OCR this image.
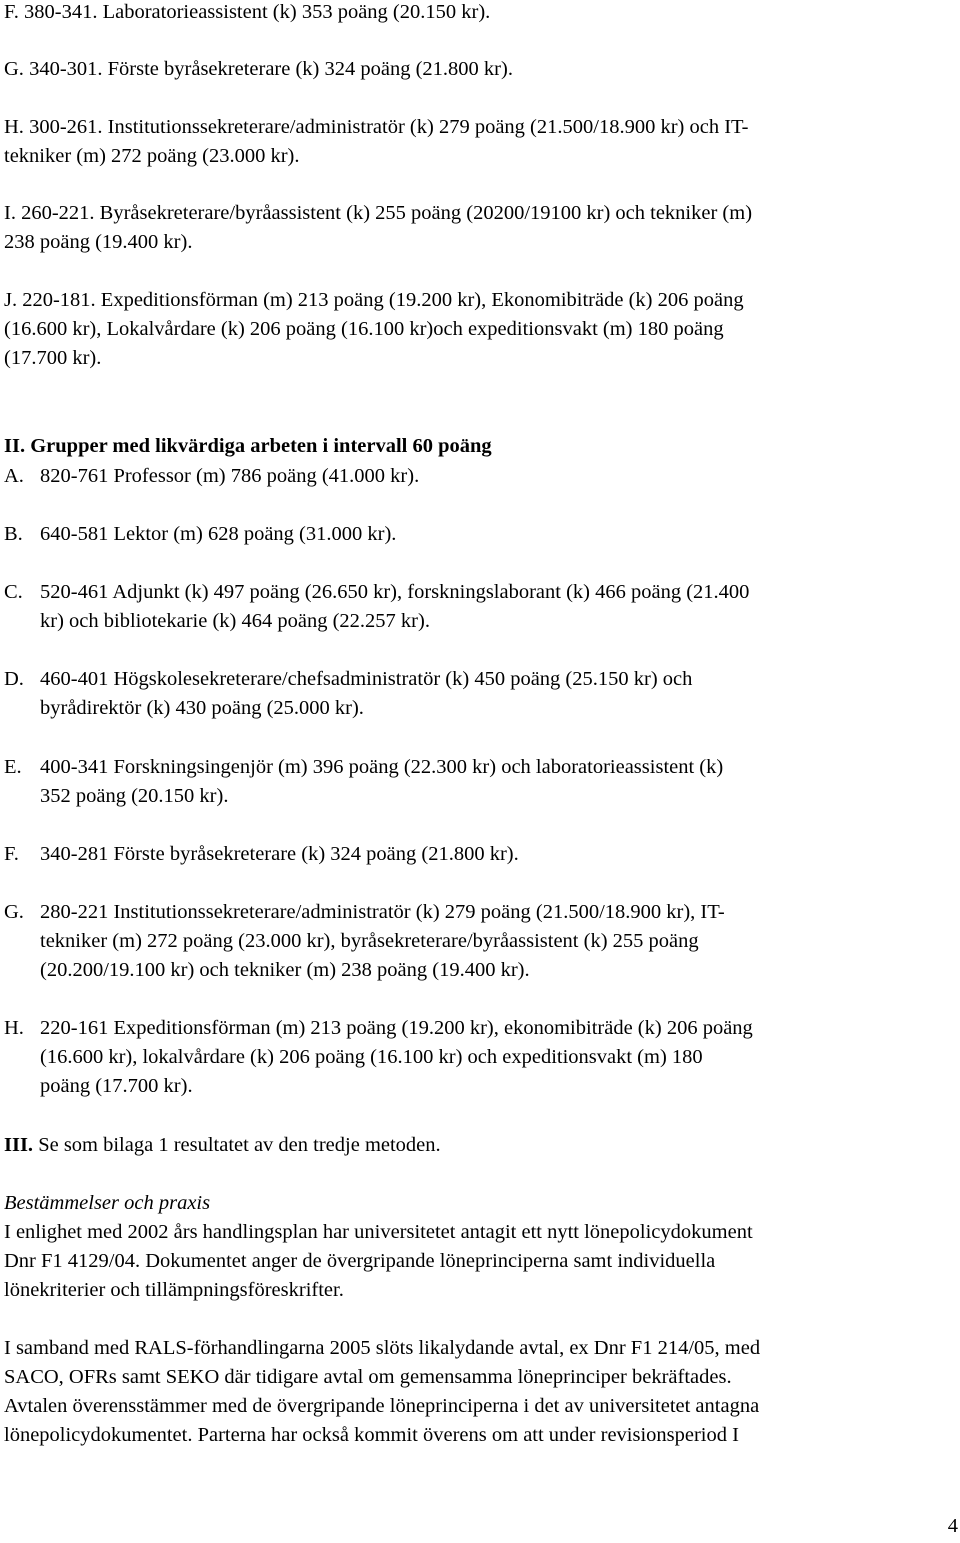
F. 380-341. Laboratorieassistent (k) 353 poäng (20.150 kr).

G. 340-301. Förste byråsekreterare (k) 324 poäng (21.800 kr).

H. 300-261. Institutionssekreterare/administratör (k) 279 poäng (21.500/18.900 kr) och IT-
tekniker (m) 272 poäng (23.000 kr).

I. 260-221. Byråsekreterare/byråassistent (k) 255 poäng (20200/19100 kr) och tekniker (m)
238 poäng (19.400 kr).

J. 220-181. Expeditionsförman (m) 213 poäng (19.200 kr), Ekonomibiträde (k) 206 poäng
(16.600 kr), Lokalvårdare (k) 206 poäng (16.100 kr)och expeditionsvakt (m) 180 poäng
(17.700 kr).

II. Grupper med likvärdiga arbeten i intervall 60 poäng

A. 820-761 Professor (m) 786 poäng (41.000 kr).
B. 640-581 Lektor (m) 628 poäng (31.000 kr).
C. 520-461 Adjunkt (k) 497 poäng (26.650 kr), forskningslaborant (k) 466 poäng (21.400
kr) och bibliotekarie (k) 464 poäng (22.257 kr).
D. 460-401 Högskolesekreterare/chefsadministratör (k) 450 poäng (25.150 kr) och
byrådirektör (k) 430 poäng (25.000 kr).
E. 400-341 Forskningsingenjör (m) 396 poäng (22.300 kr) och laboratorieassistent (k)
352 poäng (20.150 kr).
F. 340-281 Förste byråsekreterare (k) 324 poäng (21.800 kr).
G. 280-221 Institutionssekreterare/administratör (k) 279 poäng (21.500/18.900 kr), IT-
tekniker (m) 272 poäng (23.000 kr), byråsekreterare/byråassistent (k) 255 poäng
(20.200/19.100 kr) och tekniker (m) 238 poäng (19.400 kr).
H. 220-161 Expeditionsförman (m) 213 poäng (19.200 kr), ekonomibiträde (k) 206 poäng
(16.600 kr), lokalvårdare (k) 206 poäng (16.100 kr) och expeditionsvakt (m) 180
poäng (17.700 kr).

III. Se som bilaga 1 resultatet av den tredje metoden.

Bestämmelser och praxis

I enlighet med 2002 års handlingsplan har universitetet antagit ett nytt lönepolicydokument
Dnr F1 4129/04. Dokumentet anger de övergripande löneprinciperna samt individuella
lönekriterier och tillämpningsföreskrifter.

I samband med RALS-förhandlingarna 2005 slöts likalydande avtal, ex Dnr F1 214/05, med
SACO, OFRs samt SEKO där tidigare avtal om gemensamma löneprinciper bekräftades.
Avtalen överensstämmer med de övergripande löneprinciperna i det av universitetet antagna
lönepolicydokumentet. Parterna har också kommit överens om att under revisionsperiod I

4
